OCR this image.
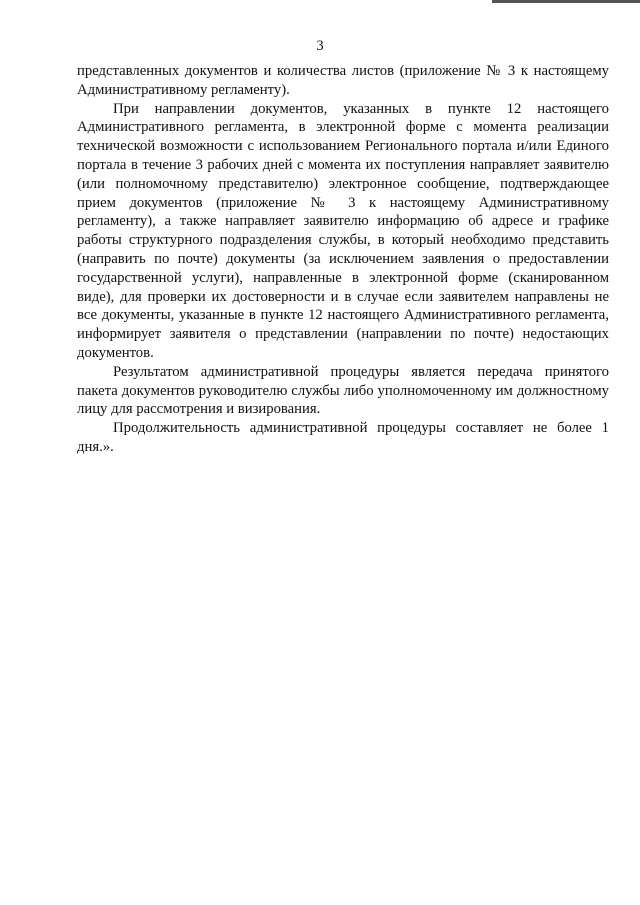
3

представленных документов и количества листов (приложение № 3 к настоящему Административному регламенту).

При направлении документов, указанных в пункте 12 настоящего Административного регламента, в электронной форме с момента реализации технической возможности с использованием Регионального портала и/или Единого портала в течение 3 рабочих дней с момента их поступления направляет заявителю (или полномочному представителю) электронное сообщение, подтверждающее прием документов (приложение № 3 к настоящему Административному регламенту), а также направляет заявителю информацию об адресе и графике работы структурного подразделения службы, в который необходимо представить (направить по почте) документы (за исключением заявления о предоставлении государственной услуги), направленные в электронной форме (сканированном виде), для проверки их достоверности и в случае если заявителем направлены не все документы, указанные в пункте 12 настоящего Административного регламента, информирует заявителя о представлении (направлении по почте) недостающих документов.

Результатом административной процедуры является передача принятого пакета документов руководителю службы либо уполномоченному им должностному лицу для рассмотрения и визирования.

Продолжительность административной процедуры составляет не более 1 дня.».
